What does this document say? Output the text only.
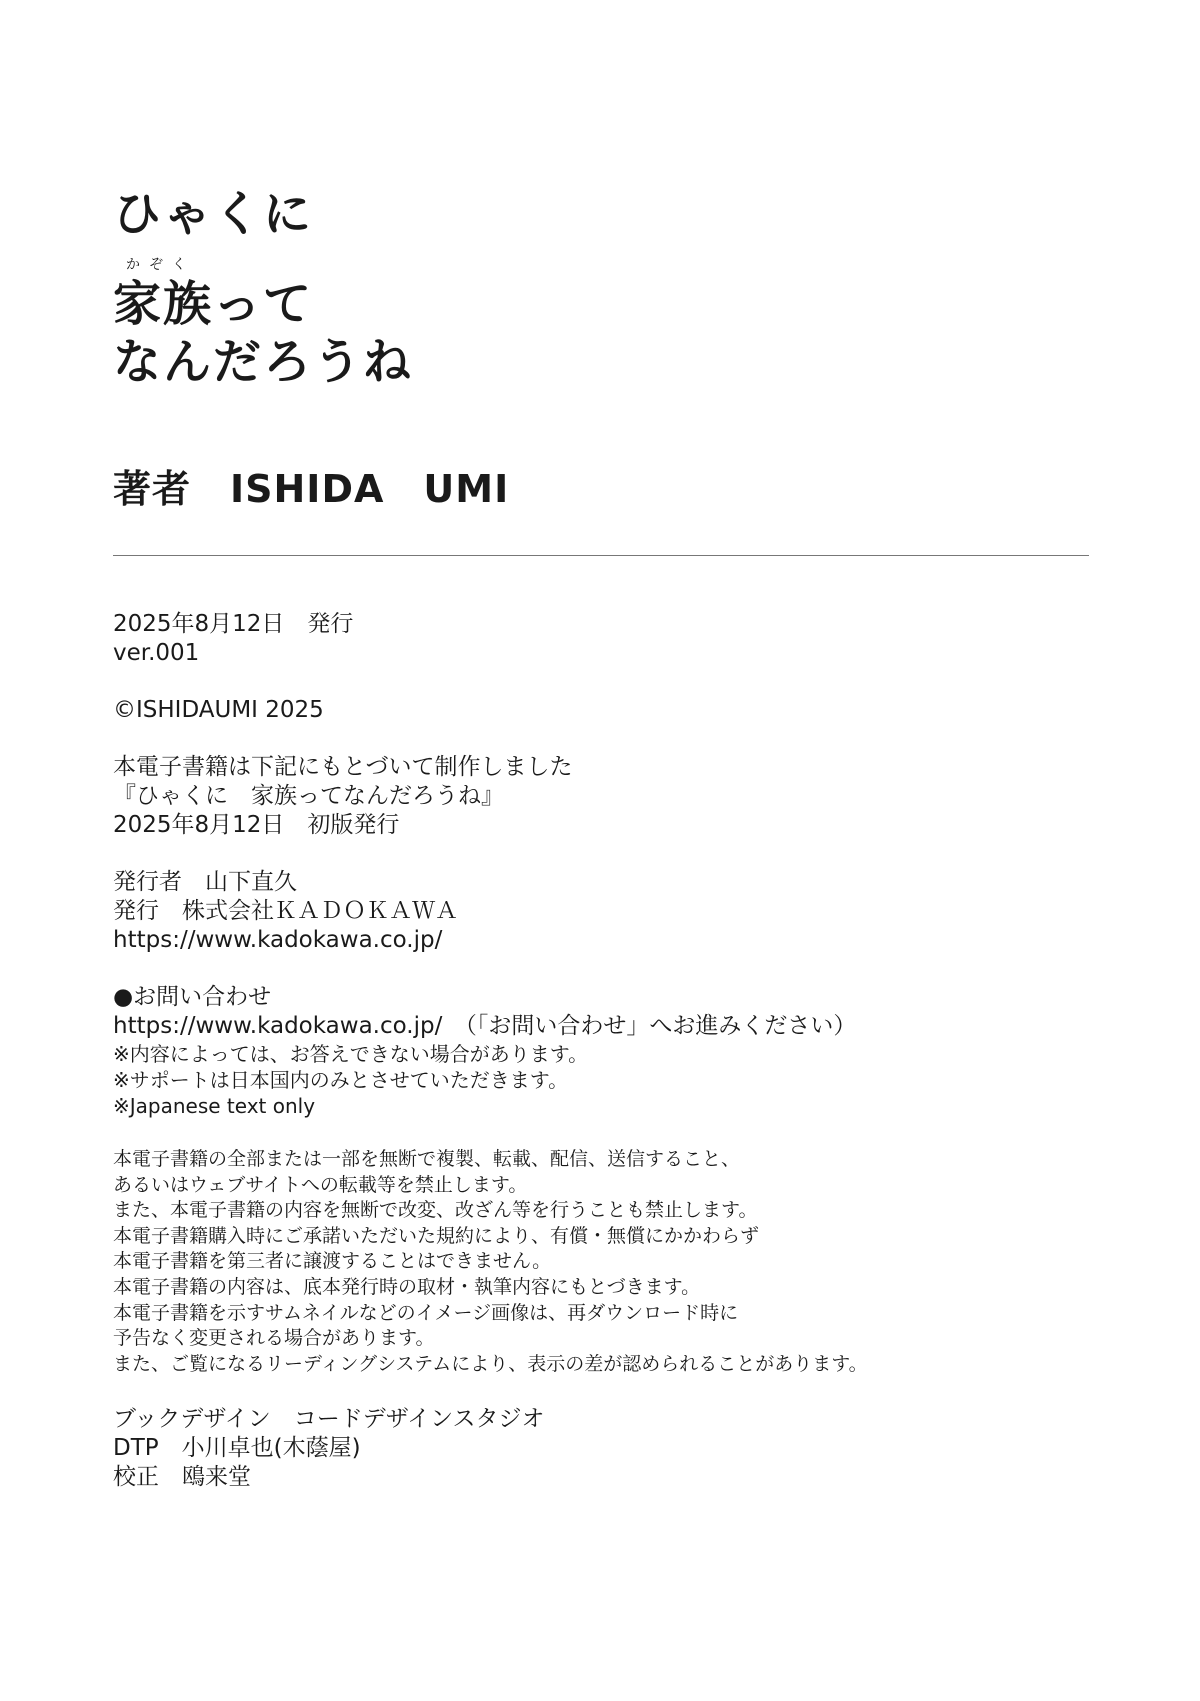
ひゃくに
かぞく
家族って
なんだろうね
著者　ISHIDA　UMI
2025年8月12日　発行
ver.001
©ISHIDAUMI 2025
本電子書籍は下記にもとづいて制作しました
『ひゃくに　家族ってなんだろうね』
2025年8月12日　初版発行
発行者　山下直久
発行　株式会社ＫＡＤＯＫＡＷＡ
https://www.kadokawa.co.jp/
●お問い合わせ
https://www.kadokawa.co.jp/　（「お問い合わせ」へお進みください）
※内容によっては、お答えできない場合があります。
※サポートは日本国内のみとさせていただきます。
※Japanese text only
本電子書籍の全部または一部を無断で複製、転載、配信、送信すること、
あるいはウェブサイトへの転載等を禁止します。
また、本電子書籍の内容を無断で改変、改ざん等を行うことも禁止します。
本電子書籍購入時にご承諾いただいた規約により、有償・無償にかかわらず
本電子書籍を第三者に譲渡することはできません。
本電子書籍の内容は、底本発行時の取材・執筆内容にもとづきます。
本電子書籍を示すサムネイルなどのイメージ画像は、再ダウンロード時に
予告なく変更される場合があります。
また、ご覧になるリーディングシステムにより、表示の差が認められることがあります。
ブックデザイン　コードデザインスタジオ
DTP　小川卓也(木蔭屋)
校正　鴎来堂
